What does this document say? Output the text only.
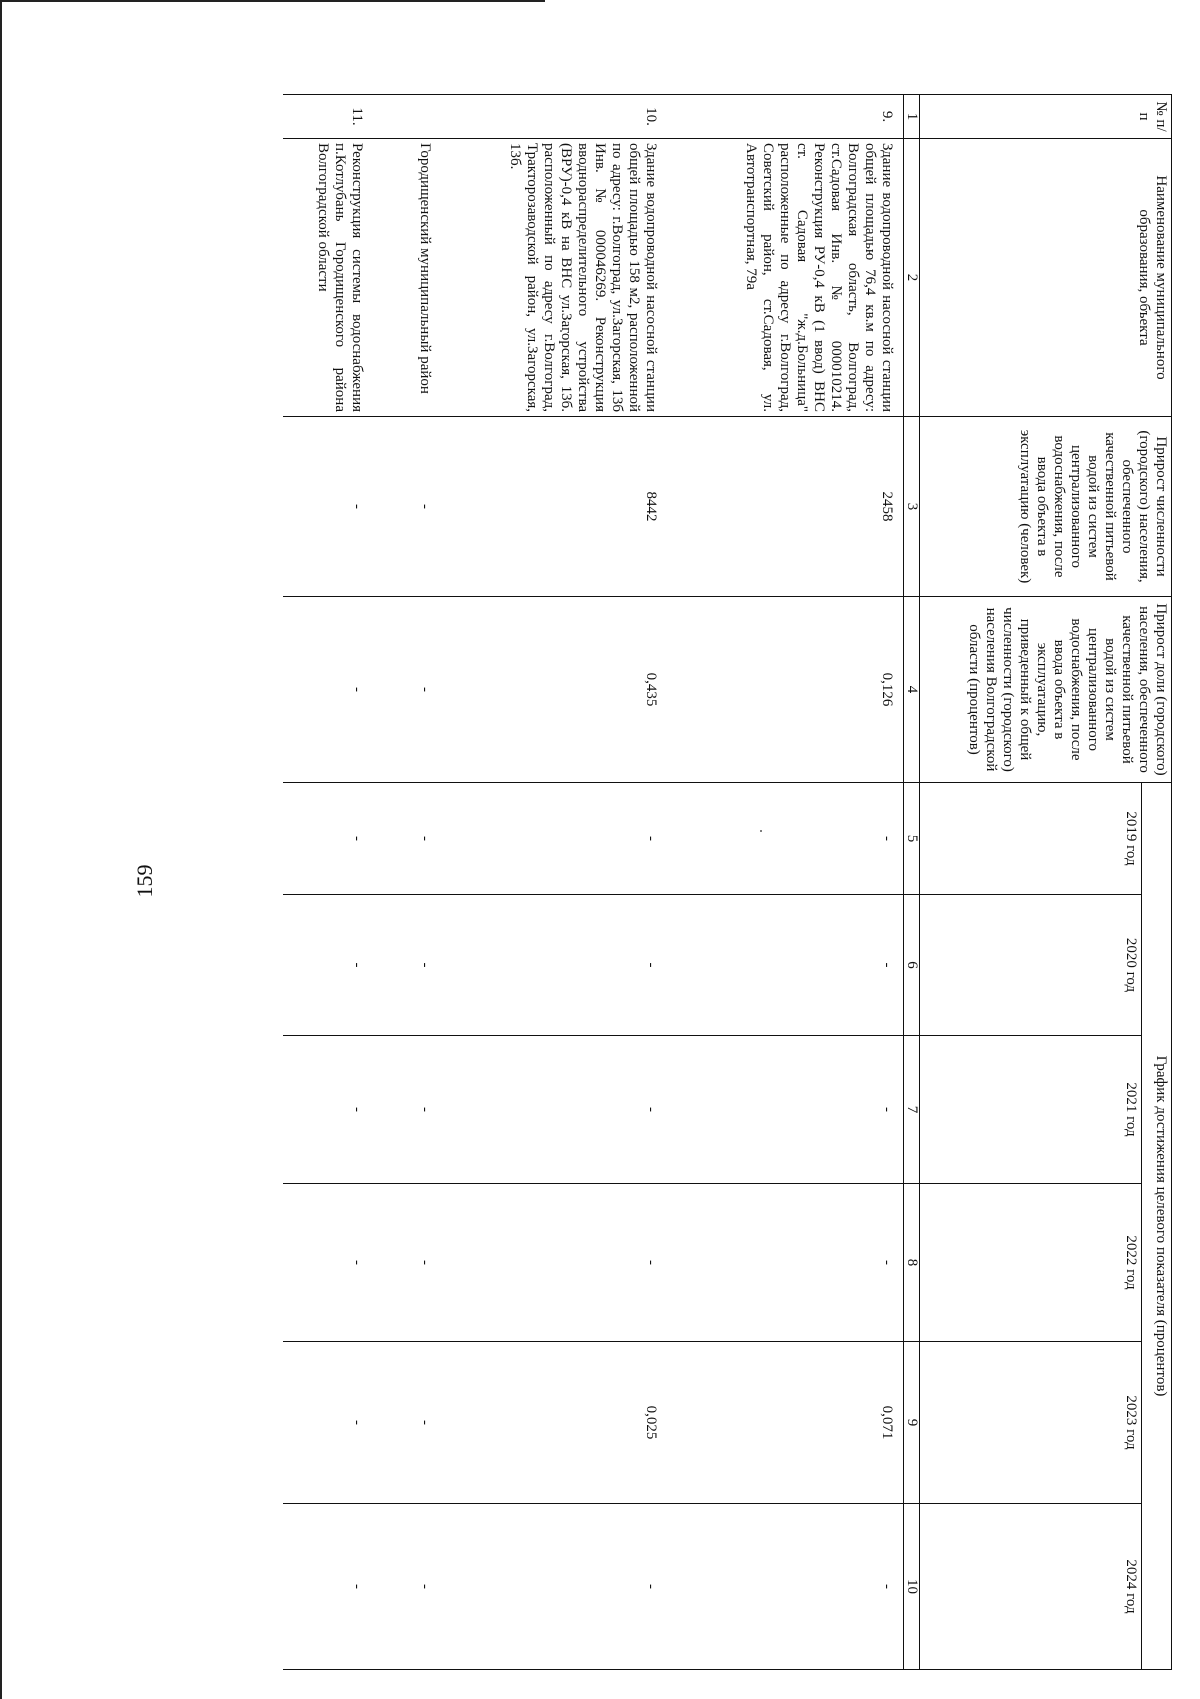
159
№ п/п	Наименование муниципального образования, объекта	Прирост численности (городского) населения, обеспеченного качественной питьевой водой из систем централизованного водоснабжения, после ввода объекта в эксплуатацию (человек)	Прирост доли (городского) населения, обеспеченного качественной питьевой водой из систем централизованного водоснабжения, после ввода объекта в эксплуатацию, приведенный к общей численности (городского) населения Волгоградской области (процентов)	График достижения целевого показателя (процентов)					
				2019 год	2020 год	2021 год	2022 год	2023 год	2024 год
1	2	3	4	5	6	7	8	9	10
9.	Здание водопроводной насосной станции общей площадью 76,4 кв.м по адресу: Волгоградская область, Волгоград, ст.Садовая Инв. № 000010214. Реконструкция РУ-0,4 кВ (1 ввод) ВНС ст. Садовая "ж.д.Больница" расположенные по адресу г.Волгоград, Советский район, ст.Садовая, ул. Автотранспортная, 79а	2458	0,126	-	-	-	-	0,071	-
10.	Здание водопроводной насосной станции общей площадью 158 м2, расположенной по адресу: г.Волгоград, ул.Загорская, 13б Инв. № 000046269. Реконструкция вводнораспределительного устройства (ВРУ)-0,4 кВ на ВНС ул.Загорская, 13б. расположенный по адресу г.Волгоград, Тракторозаводской район, ул.Загорская, 13б.	8442	0,435	-	-	-	-	0,025	-
	Городищенский муниципальный район	-	-	-	-	-	-	-	-
11.	Реконструкция системы водоснабжения п.Котлубань Городищенского района Волгоградской области	-	-	-	-	-	-	-	-
